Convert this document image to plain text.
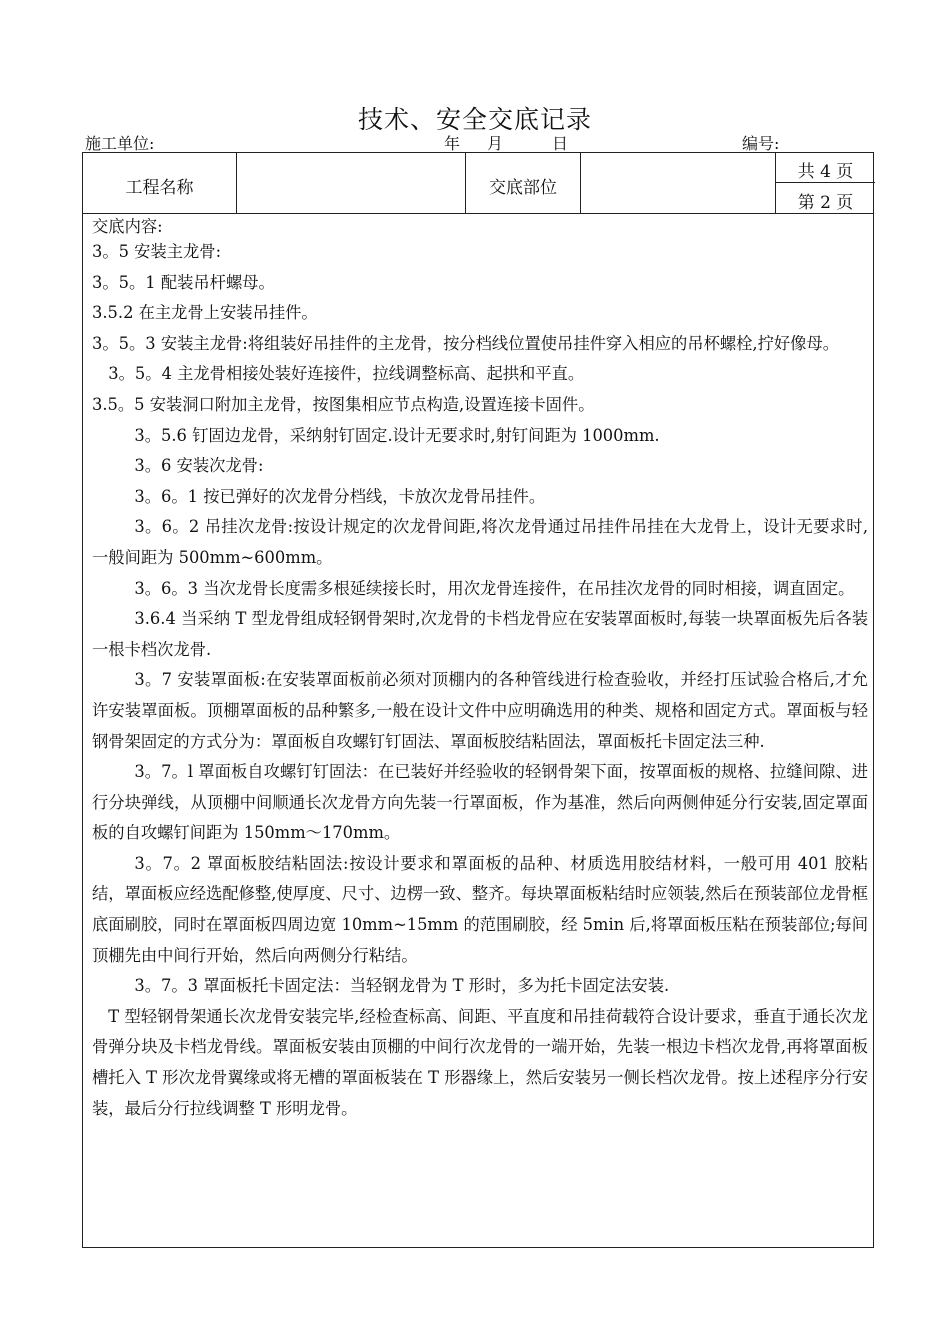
技术、安全交底记录
施工单位:	年 月	日	编号:
工程名称	交底部位
共 4 页
第 2 页

交底内容:

3。5 安装主龙骨:

3。5。1 配装吊杆螺母。

3.5.2 在主龙骨上安装吊挂件。

3。5。3 安装主龙骨:将组装好吊挂件的主龙骨，按分档线位置使吊挂件穿入相应的吊杯螺栓,拧好像母。

3。5。4 主龙骨相接处装好连接件，拉线调整标高、起拱和平直。

3.5。5 安装洞口附加主龙骨，按图集相应节点构造,设置连接卡固件。

3。5.6 钉固边龙骨，采纳射钉固定.设计无要求时,射钉间距为 1000mm.

3。6 安装次龙骨:

3。6。1 按已弹好的次龙骨分档线，卡放次龙骨吊挂件。

3。6。2 吊挂次龙骨:按设计规定的次龙骨间距,将次龙骨通过吊挂件吊挂在大龙骨上，设计无要求时,一般间距为 500mm~600mm。

3。6。3 当次龙骨长度需多根延续接长时，用次龙骨连接件，在吊挂次龙骨的同时相接，调直固定。

3.6.4 当采纳 T 型龙骨组成轻钢骨架时,次龙骨的卡档龙骨应在安装罩面板时,每装一块罩面板先后各装一根卡档次龙骨.

3。7 安装罩面板:在安装罩面板前必须对顶棚内的各种管线进行检查验收，并经打压试验合格后,才允许安装罩面板。顶棚罩面板的品种繁多,一般在设计文件中应明确选用的种类、规格和固定方式。罩面板与轻钢骨架固定的方式分为：罩面板自攻螺钉钉固法、罩面板胶结粘固法，罩面板托卡固定法三种.

3。7。l 罩面板自攻螺钉钉固法：在已装好并经验收的轻钢骨架下面，按罩面板的规格、拉缝间隙、进行分块弹线，从顶棚中间顺通长次龙骨方向先装一行罩面板，作为基准，然后向两侧伸延分行安装,固定罩面板的自攻螺钉间距为 150mm～170mm。

3。7。2 罩面板胶结粘固法:按设计要求和罩面板的品种、材质选用胶结材料，一般可用 401 胶粘结，罩面板应经选配修整,使厚度、尺寸、边楞一致、整齐。每块罩面板粘结时应领装,然后在预装部位龙骨框底面刷胶，同时在罩面板四周边宽 10mm~15mm 的范围刷胶，经 5min 后,将罩面板压粘在预装部位;每间顶棚先由中间行开始，然后向两侧分行粘结。

3。7。3 罩面板托卡固定法：当轻钢龙骨为 T 形时，多为托卡固定法安装.

T 型轻钢骨架通长次龙骨安装完毕,经检查标高、间距、平直度和吊挂荷载符合设计要求，垂直于通长次龙骨弹分块及卡档龙骨线。罩面板安装由顶棚的中间行次龙骨的一端开始，先装一根边卡档次龙骨,再将罩面板槽托入 T 形次龙骨翼缘或将无槽的罩面板装在 T 形器缘上，然后安装另一侧长档次龙骨。按上述程序分行安装，最后分行拉线调整 T 形明龙骨。
